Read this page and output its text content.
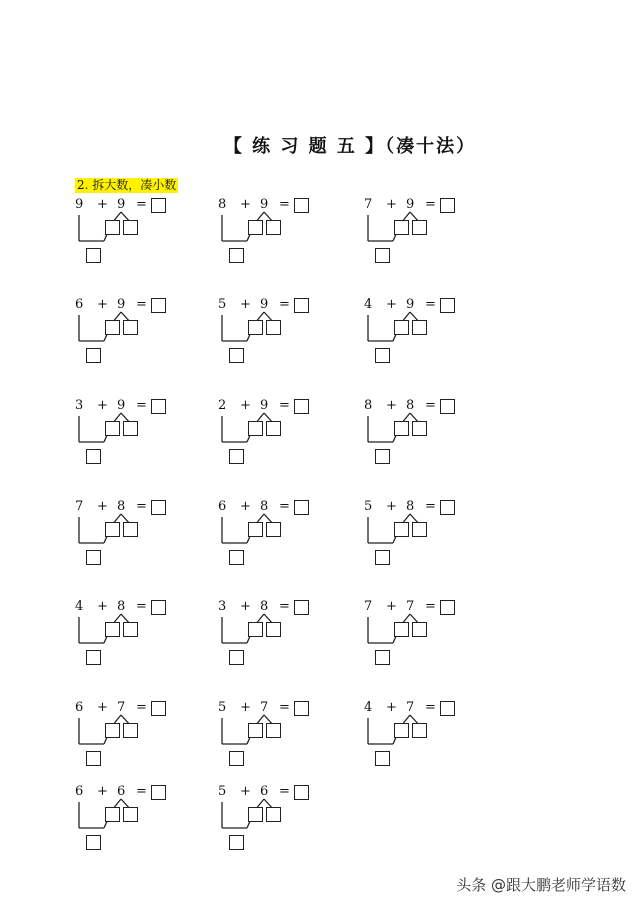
【 练 习 题 五 】（凑十法）
2. 拆大数，凑小数
9 + 9 =	8 + 9 =	7 + 9 =
6 + 9 =	5 + 9 =	4 + 9 =
3 + 9 =	2 + 9 =	8 + 8 =
7 + 8 =	6 + 8 =	5 + 8 =
4 + 8 =	3 + 8 =	7 + 7 =
6 + 7 =	5 + 7 =	4 + 7 =
6 + 6 =	5 + 6 =
头条 @跟大鹏老师学语数
